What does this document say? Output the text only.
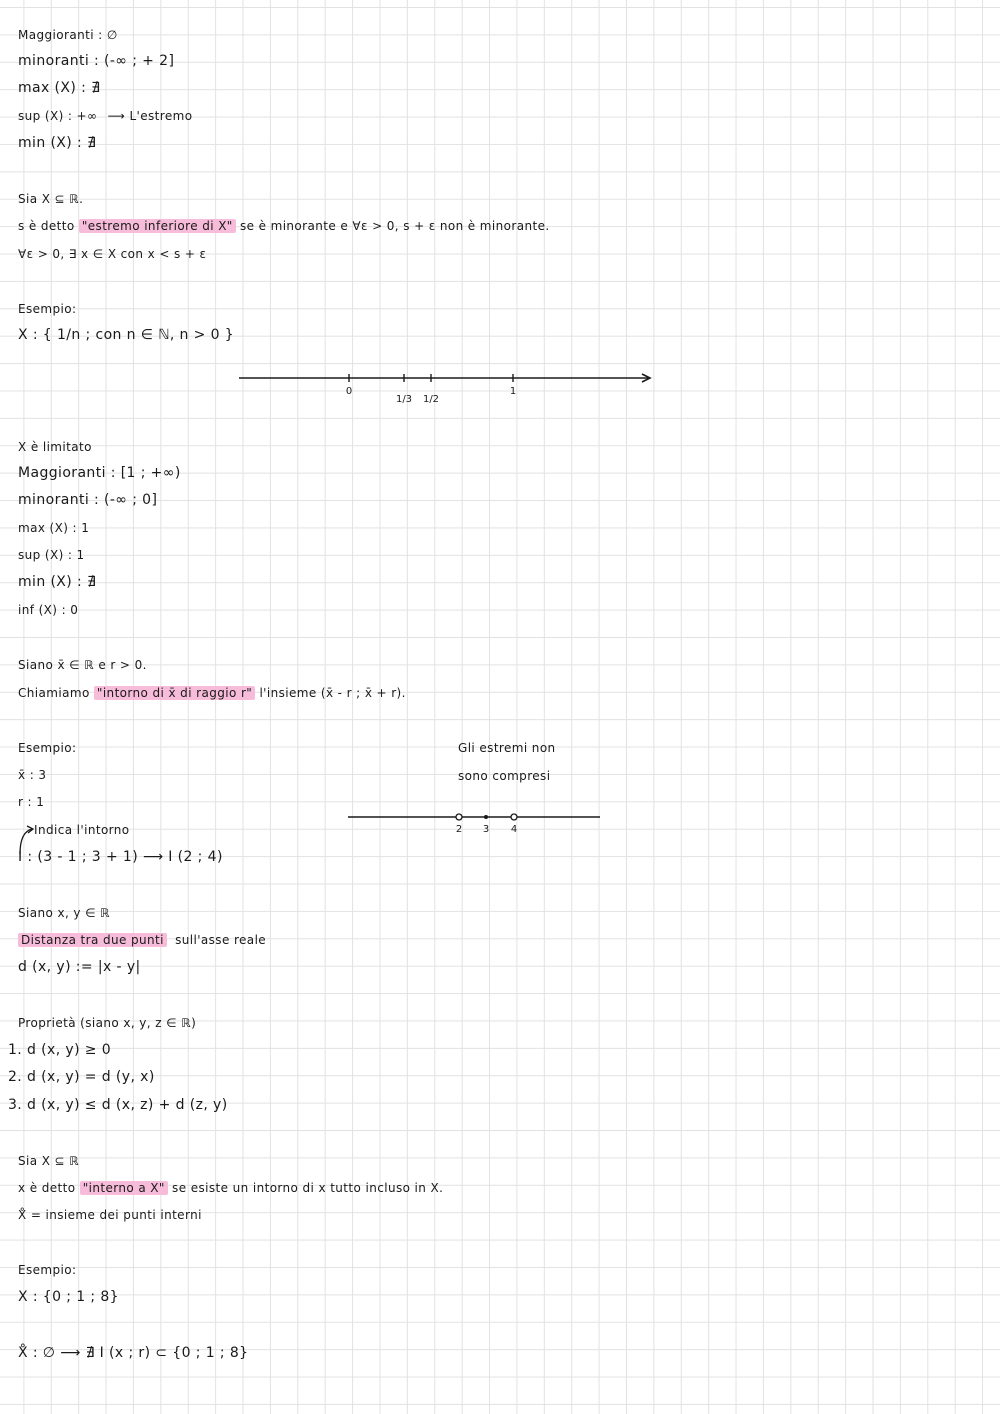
Maggioranti : ∅
minoranti : (-∞ ; + 2]
max (X) : ∄
sup (X) : +∞ ⟶ L'estremo
min (X) : ∄
Sia X ⊆ ℝ.
s è detto "estremo inferiore di X" se è minorante e ∀ε > 0, s + ε non è minorante.
∀ε > 0, ∃ x ∈ X con x < s + ε
Esempio:
X : { 1/n ; con n ∈ ℕ, n > 0 }
0
1/3 1/2
1
X è limitato
Maggioranti : [1 ; +∞)
minoranti : (-∞ ; 0]
max (X) : 1
sup (X) : 1
min (X) : ∄
inf (X) : 0
Siano x̄ ∈ ℝ e r > 0.
Chiamiamo "intorno di x̄ di raggio r" l'insieme (x̄ - r ; x̄ + r).
Esempio:
x̄ : 3
r : 1
Indica l'intorno
I : (3 - 1 ; 3 + 1) ⟶ I (2 ; 4)
Gli estremi non
sono compresi
2 3 4
Siano x, y ∈ ℝ
Distanza tra due punti sull'asse reale
d (x, y) := |x - y|
Proprietà (siano x, y, z ∈ ℝ)
1. d (x, y) ≥ 0
2. d (x, y) = d (y, x)
3. d (x, y) ≤ d (x, z) + d (z, y)
Sia X ⊆ ℝ
x è detto "interno a X" se esiste un intorno di x tutto incluso in X.
X̊ = insieme dei punti interni
Esempio:
X : {0 ; 1 ; 8}
X̊ : ∅ ⟶ ∄ I (x ; r) ⊂ {0 ; 1 ; 8}
